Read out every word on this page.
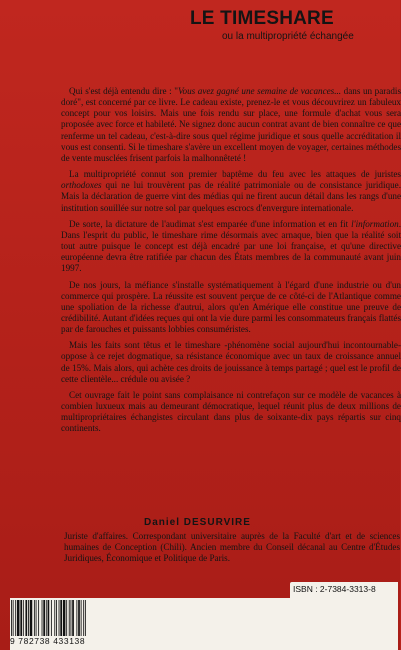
LE TIMESHARE
ou la multipropriété échangée

Qui s'est déjà entendu dire : "Vous avez gagné une semaine de vacances... dans un paradis doré", est concerné par ce livre. Le cadeau existe, prenez-le et vous découvrirez un fabuleux concept pour vos loisirs. Mais une fois rendu sur place, une formule d'achat vous sera proposée avec force et habileté. Ne signez donc aucun contrat avant de bien connaître ce que renferme un tel cadeau, c'est-à-dire sous quel régime juridique et sous quelle accréditation il vous est consenti. Si le timeshare s'avère un excellent moyen de voyager, certaines méthodes de vente musclées frisent parfois la malhonnêteté !

La multipropriété connut son premier baptême du feu avec les attaques de juristes orthodoxes qui ne lui trouvèrent pas de réalité patrimoniale ou de consistance juridique. Mais la déclaration de guerre vint des médias qui ne firent aucun détail dans les rangs d'une institution souillée sur notre sol par quelques escrocs d'envergure internationale.

De sorte, la dictature de l'audimat s'est emparée d'une information et en fit l'information. Dans l'esprit du public, le timeshare rime désormais avec arnaque, bien que la réalité soit tout autre puisque le concept est déjà encadré par une loi française, et qu'une directive européenne devra être ratifiée par chacun des États membres de la communauté avant juin 1997.

De nos jours, la méfiance s'installe systématiquement à l'égard d'une industrie ou d'un commerce qui prospère. La réussite est souvent perçue de ce côté-ci de l'Atlantique comme une spoliation de la richesse d'autrui, alors qu'en Amérique elle constitue une preuve de crédibilité. Autant d'idées reçues qui ont la vie dure parmi les consommateurs français flattés par de farouches et puissants lobbies consuméristes.

Mais les faits sont têtus et le timeshare -phénomène social aujourd'hui incontournable- oppose à ce rejet dogmatique, sa résistance économique avec un taux de croissance annuel de 15%. Mais alors, qui achète ces droits de jouissance à temps partagé ; quel est le profil de cette clientèle... crédule ou avisée ?

Cet ouvrage fait le point sans complaisance ni contrefaçon sur ce modèle de vacances à combien luxueux mais au demeurant démocratique, lequel réunit plus de deux millions de multipropriétaires échangistes circulant dans plus de soixante-dix pays répartis sur cinq continents.

Daniel DESURVIRE
Juriste d'affaires. Correspondant universitaire auprès de la Faculté d'art et de sciences humaines de Conception (Chili). Ancien membre du Conseil décanal au Centre d'Études Juridiques, Économique et Politique de Paris.
ISBN : 2-7384-3313-8
9 782738 433138
